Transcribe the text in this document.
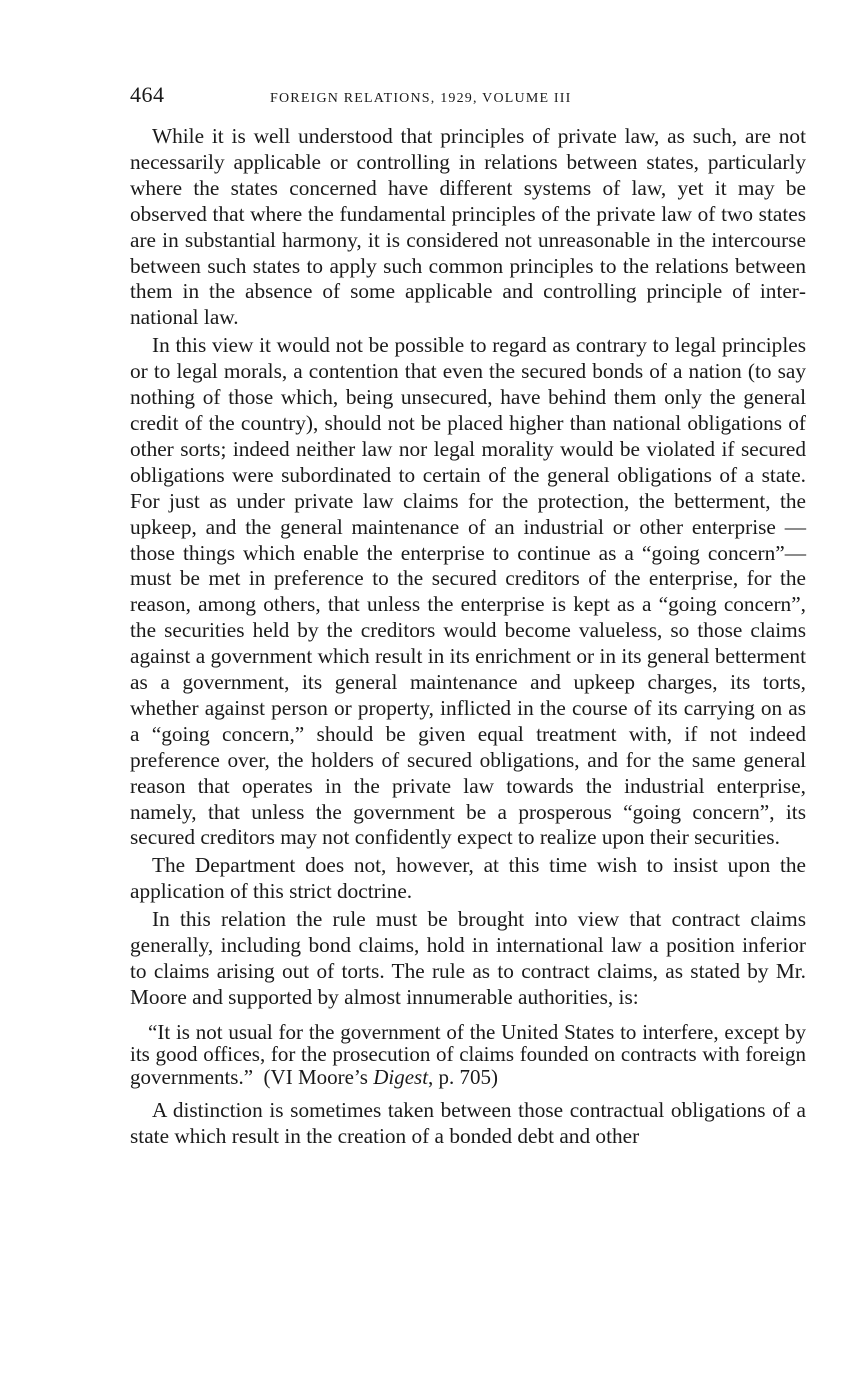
464	FOREIGN RELATIONS, 1929, VOLUME III

While it is well understood that principles of private law, as such, are not necessarily applicable or controlling in relations between states, particularly where the states concerned have different systems of law, yet it may be observed that where the fundamental principles of the private law of two states are in substantial harmony, it is considered not unreasonable in the intercourse between such states to apply such common principles to the relations between them in the absence of some applicable and controlling principle of international law.

In this view it would not be possible to regard as contrary to legal principles or to legal morals, a contention that even the secured bonds of a nation (to say nothing of those which, being unsecured, have behind them only the general credit of the country), should not be placed higher than national obligations of other sorts; indeed neither law nor legal morality would be violated if secured obligations were subordinated to certain of the general obligations of a state. For just as under private law claims for the protection, the betterment, the upkeep, and the general maintenance of an industrial or other enterprise — those things which enable the enterprise to continue as a “going concern”—must be met in preference to the secured creditors of the enterprise, for the reason, among others, that unless the enterprise is kept as a “going concern”, the securities held by the creditors would become valueless, so those claims against a government which result in its enrichment or in its general betterment as a government, its general maintenance and upkeep charges, its torts, whether against person or property, inflicted in the course of its carrying on as a “going concern,” should be given equal treatment with, if not indeed preference over, the holders of secured obligations, and for the same general reason that operates in the private law towards the industrial enterprise, namely, that unless the government be a prosperous “going concern”, its secured creditors may not confidently expect to realize upon their securities.

The Department does not, however, at this time wish to insist upon the application of this strict doctrine.

In this relation the rule must be brought into view that contract claims generally, including bond claims, hold in international law a position inferior to claims arising out of torts. The rule as to contract claims, as stated by Mr. Moore and supported by almost innumerable authorities, is:

“It is not usual for the government of the United States to interfere, except by its good offices, for the prosecution of claims founded on contracts with foreign governments.” (VI Moore’s Digest, p. 705)

A distinction is sometimes taken between those contractual obligations of a state which result in the creation of a bonded debt and other
